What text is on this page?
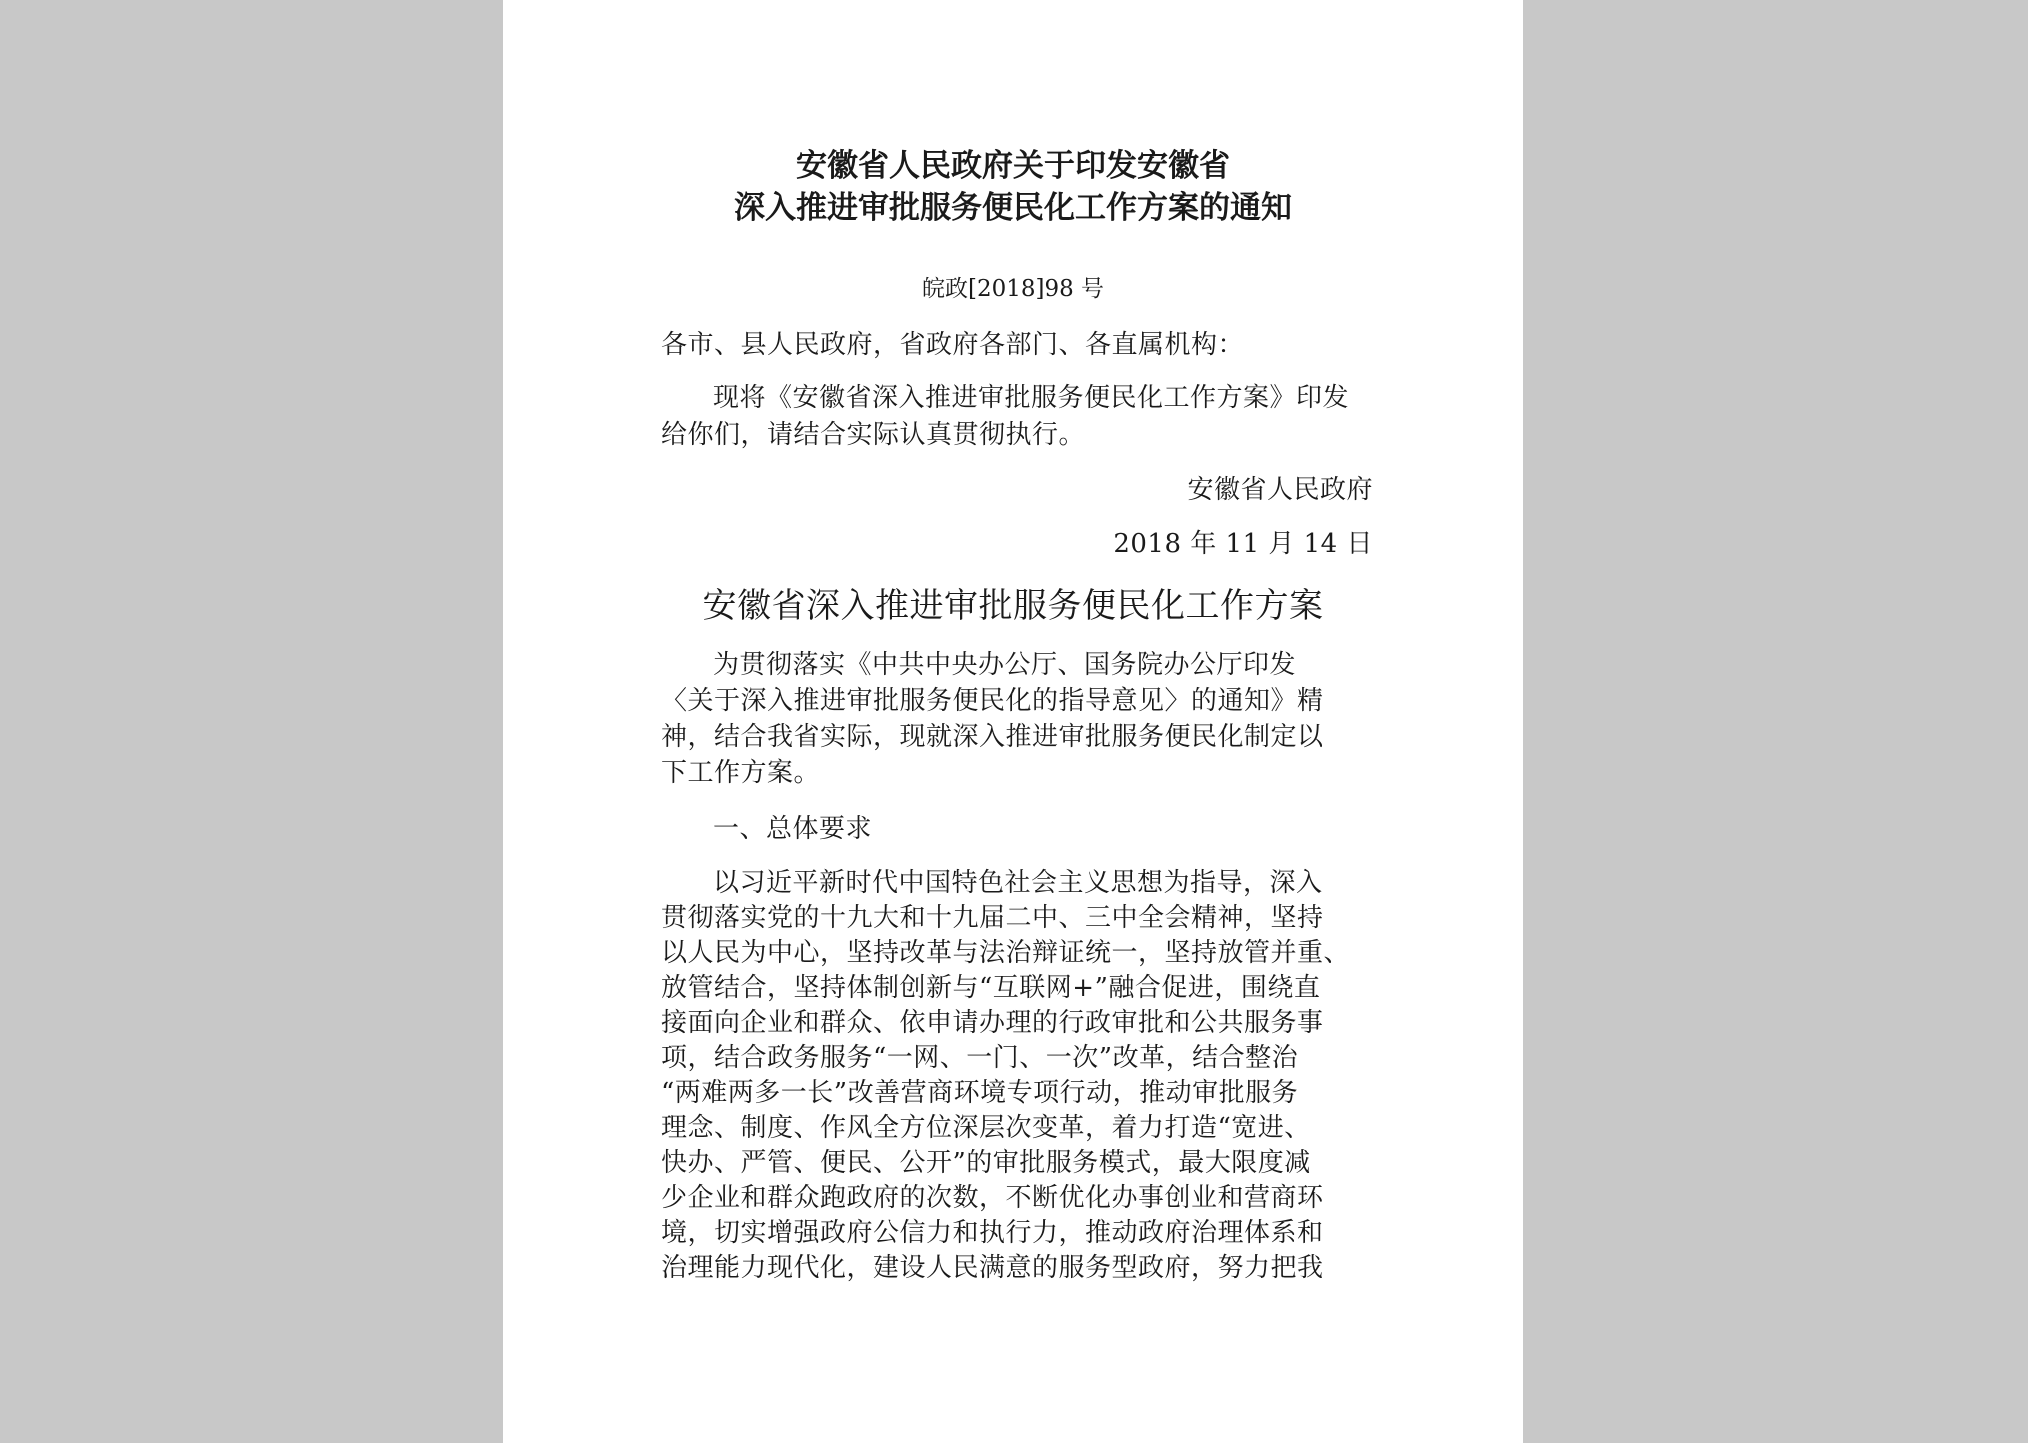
安徽省人民政府关于印发安徽省
深入推进审批服务便民化工作方案的通知
皖政[2018]98 号
各市、县人民政府，省政府各部门、各直属机构：
现将《安徽省深入推进审批服务便民化工作方案》印发
给你们，请结合实际认真贯彻执行。
安徽省人民政府
2018 年 11 月 14 日
安徽省深入推进审批服务便民化工作方案
为贯彻落实《中共中央办公厅、国务院办公厅印发
〈关于深入推进审批服务便民化的指导意见〉的通知》精
神，结合我省实际，现就深入推进审批服务便民化制定以
下工作方案。
一、总体要求
以习近平新时代中国特色社会主义思想为指导，深入
贯彻落实党的十九大和十九届二中、三中全会精神，坚持
以人民为中心，坚持改革与法治辩证统一，坚持放管并重、
放管结合，坚持体制创新与“互联网+”融合促进，围绕直
接面向企业和群众、依申请办理的行政审批和公共服务事
项，结合政务服务“一网、一门、一次”改革，结合整治
“两难两多一长”改善营商环境专项行动，推动审批服务
理念、制度、作风全方位深层次变革，着力打造“宽进、
快办、严管、便民、公开”的审批服务模式，最大限度减
少企业和群众跑政府的次数，不断优化办事创业和营商环
境，切实增强政府公信力和执行力，推动政府治理体系和
治理能力现代化，建设人民满意的服务型政府，努力把我
